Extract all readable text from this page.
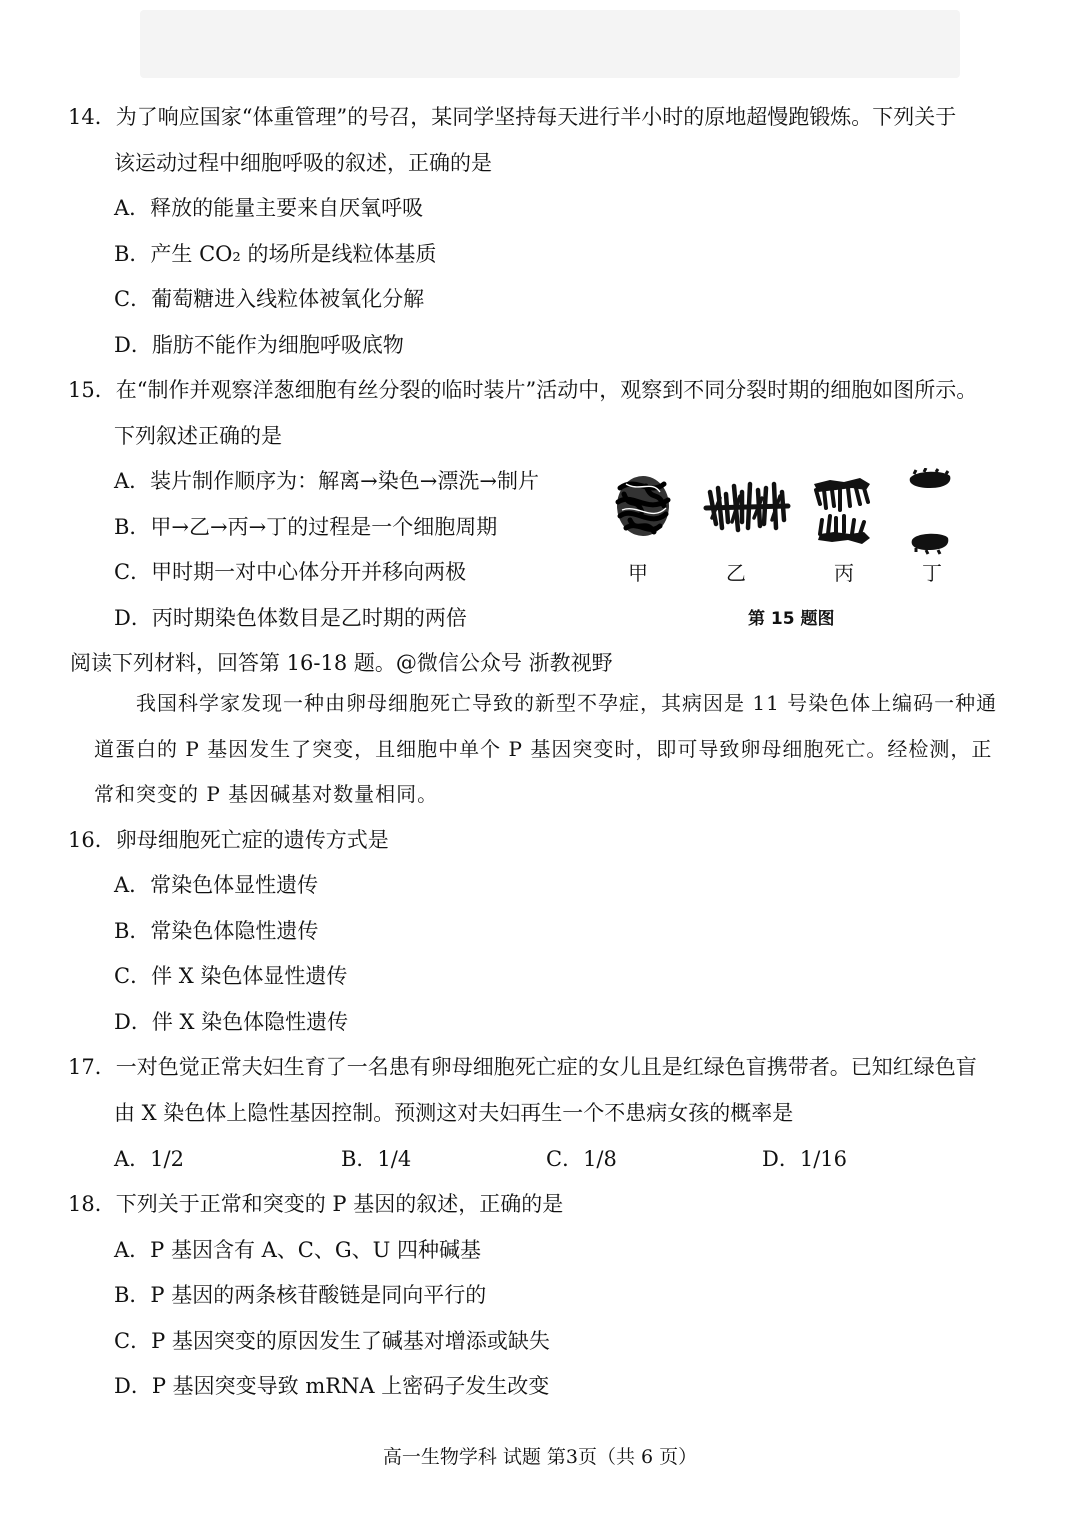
14．为了响应国家“体重管理”的号召，某同学坚持每天进行半小时的原地超慢跑锻炼。下列关于
该运动过程中细胞呼吸的叙述，正确的是
A．释放的能量主要来自厌氧呼吸
B．产生 CO₂ 的场所是线粒体基质
C．葡萄糖进入线粒体被氧化分解
D．脂肪不能作为细胞呼吸底物
15．在“制作并观察洋葱细胞有丝分裂的临时装片”活动中，观察到不同分裂时期的细胞如图所示。
下列叙述正确的是
A．装片制作顺序为：解离→染色→漂洗→制片
B．甲→乙→丙→丁的过程是一个细胞周期
C．甲时期一对中心体分开并移向两极
D．丙时期染色体数目是乙时期的两倍
甲	乙	丙	丁
第 15 题图
阅读下列材料，回答第 16-18 题。@微信公众号 浙教视野
我国科学家发现一种由卵母细胞死亡导致的新型不孕症，其病因是 11 号染色体上编码一种通
道蛋白的 P 基因发生了突变，且细胞中单个 P 基因突变时，即可导致卵母细胞死亡。经检测，正
常和突变的 P 基因碱基对数量相同。
16．卵母细胞死亡症的遗传方式是
A．常染色体显性遗传
B．常染色体隐性遗传
C．伴 X 染色体显性遗传
D．伴 X 染色体隐性遗传
17．一对色觉正常夫妇生育了一名患有卵母细胞死亡症的女儿且是红绿色盲携带者。已知红绿色盲
由 X 染色体上隐性基因控制。预测这对夫妇再生一个不患病女孩的概率是
A．1/2	B．1/4	C．1/8	D．1/16
18．下列关于正常和突变的 P 基因的叙述，正确的是
A．P 基因含有 A、C、G、U 四种碱基
B．P 基因的两条核苷酸链是同向平行的
C．P 基因突变的原因发生了碱基对增添或缺失
D．P 基因突变导致 mRNA 上密码子发生改变
高一生物学科 试题 第3页（共 6 页）
